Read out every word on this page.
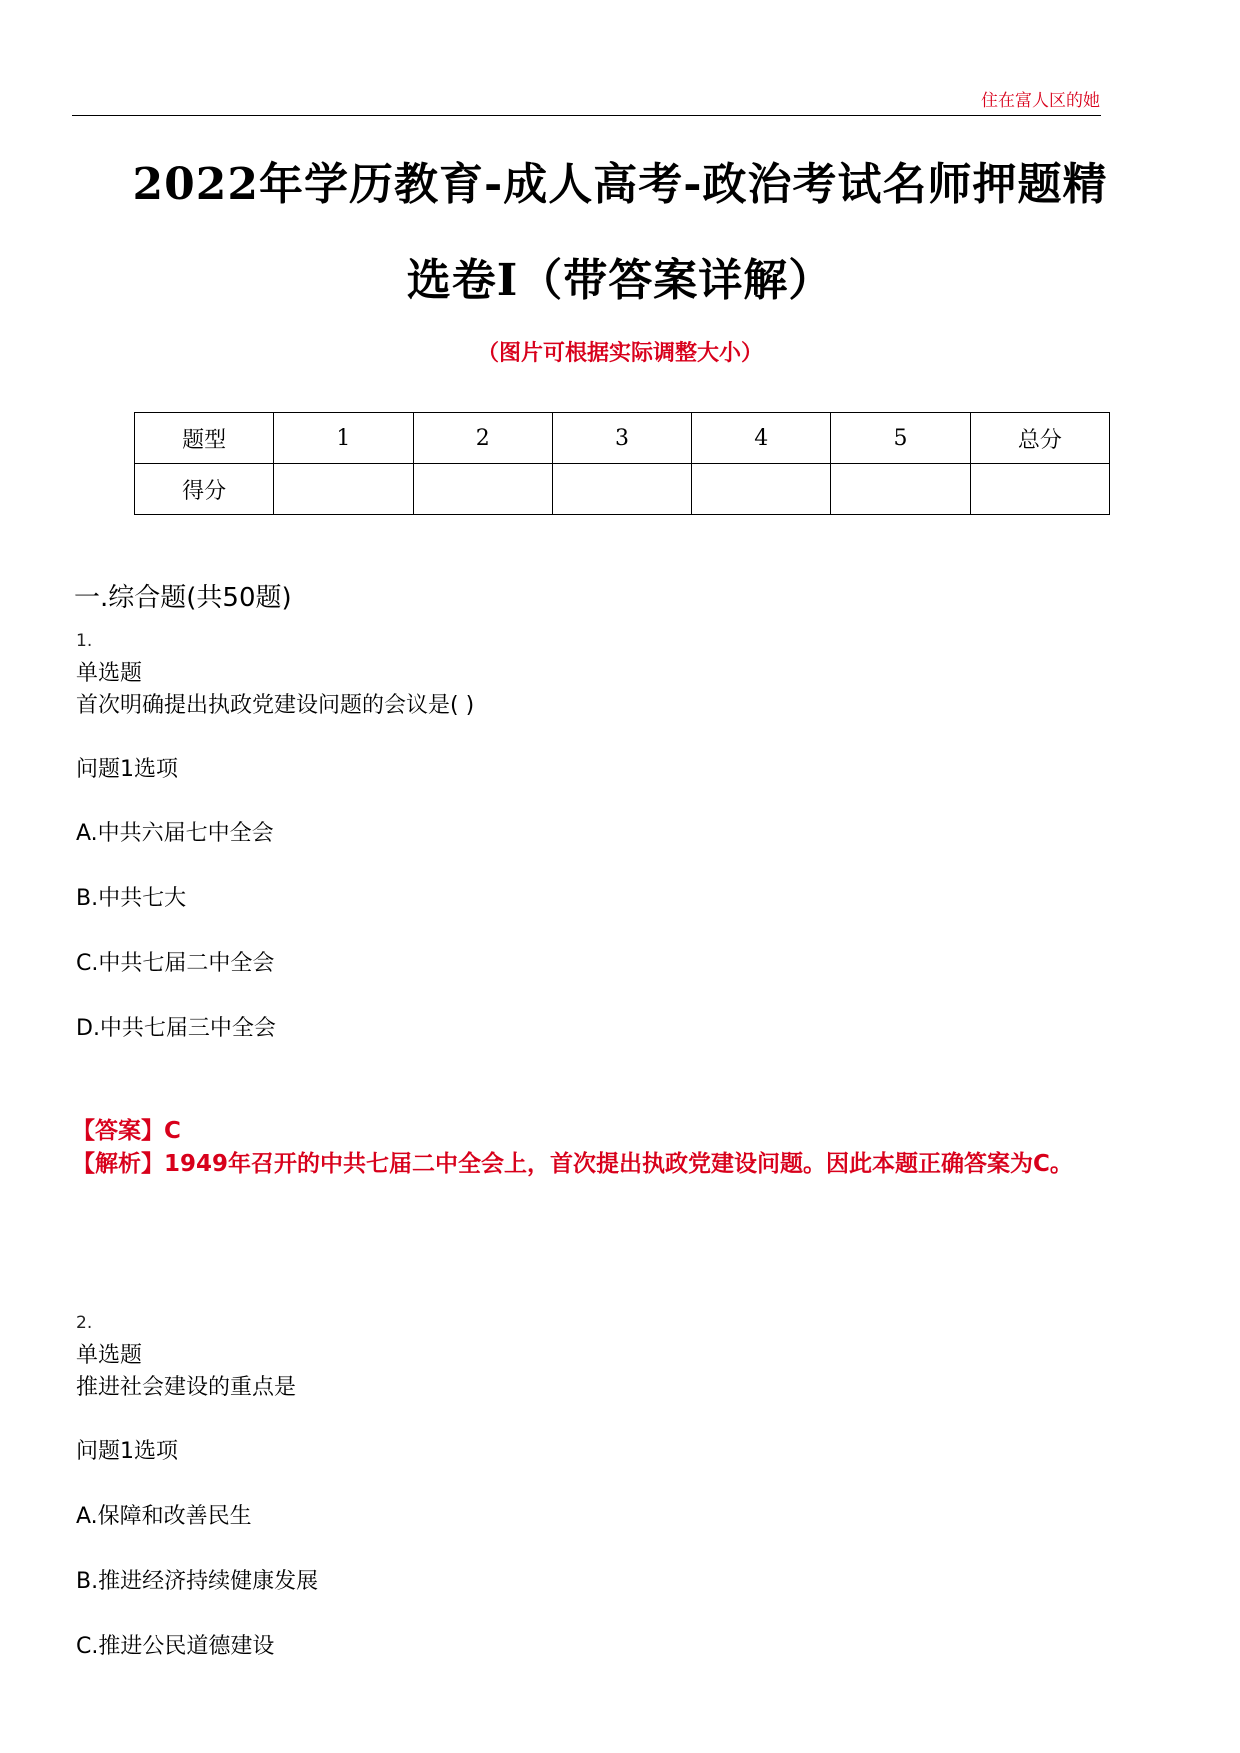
住在富人区的她
2022年学历教育-成人高考-政治考试名师押题精
选卷I（带答案详解）
（图片可根据实际调整大小）
题型	1	2	3	4	5	总分
得分						
一.综合题(共50题)
1.
单选题
首次明确提出执政党建设问题的会议是( )
问题1选项
A.中共六届七中全会
B.中共七大
C.中共七届二中全会
D.中共七届三中全会
【答案】C
【解析】1949年召开的中共七届二中全会上，首次提出执政党建设问题。因此本题正确答案为C。
2.
单选题
推进社会建设的重点是
问题1选项
A.保障和改善民生
B.推进经济持续健康发展
C.推进公民道德建设
